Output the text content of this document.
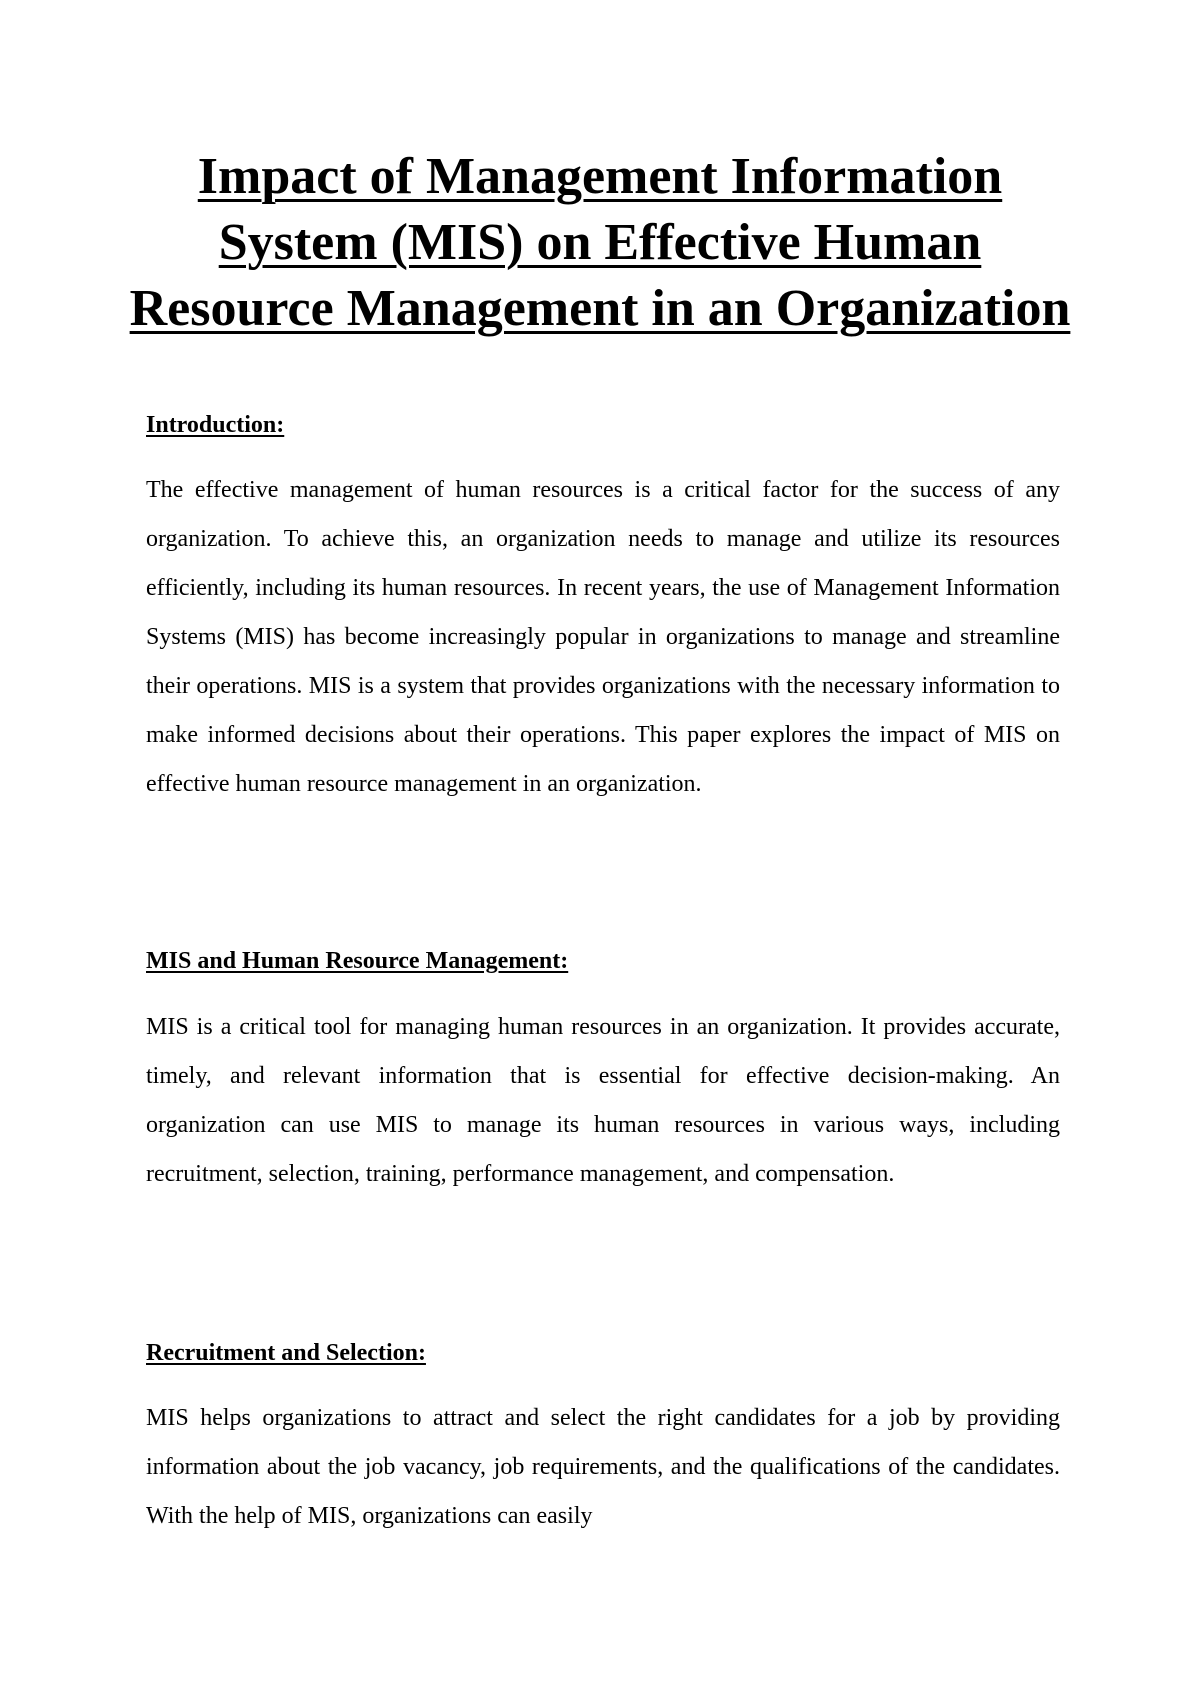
Impact of Management Information System (MIS) on Effective Human Resource Management in an Organization
Introduction:

The effective management of human resources is a critical factor for the success of any organization. To achieve this, an organization needs to manage and utilize its resources efficiently, including its human resources. In recent years, the use of Management Information Systems (MIS) has become increasingly popular in organizations to manage and streamline their operations. MIS is a system that provides organizations with the necessary information to make informed decisions about their operations. This paper explores the impact of MIS on effective human resource management in an organization.

MIS and Human Resource Management:

MIS is a critical tool for managing human resources in an organization. It provides accurate, timely, and relevant information that is essential for effective decision-making. An organization can use MIS to manage its human resources in various ways, including recruitment, selection, training, performance management, and compensation.

Recruitment and Selection:

MIS helps organizations to attract and select the right candidates for a job by providing information about the job vacancy, job requirements, and the qualifications of the candidates. With the help of MIS, organizations can easily
